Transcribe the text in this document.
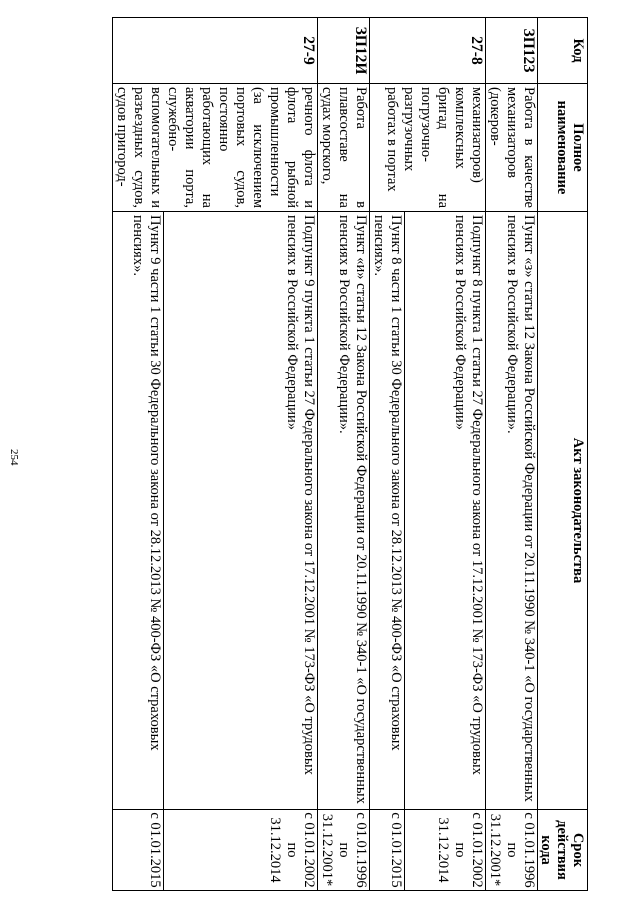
254
Код	Полное наименование	Акт законодательства	Срок действия кода
ЗП12З	Работа в качестве механизаторов (докеров-	Пункт «з» статьи 12 Закона Российской Федерации от 20.11.1990 № 340-1 «О государственных пенсиях в Российской Федерации».	с 01.01.1996 по 31.12.2001*
27-8	механизаторов) комплексных бригад на погрузочно-разгрузочных работах в портах	Подпункт 8 пункта 1 статьи 27 Федерального закона от 17.12.2001 № 173-ФЗ «О трудовых пенсиях в Российской Федерации»	с 01.01.2002 по 31.12.2014
		Пункт 8 части 1 статьи 30 Федерального закона от 28.12.2013 № 400-ФЗ «О страховых пенсиях».	с 01.01.2015
ЗП12И	Работа в плавсоставе на судах морского,	Пункт «и» статьи 12 Закона Российской Федерации от 20.11.1990 № 340-1 «О государственных пенсиях в Российской Федерации».	с 01.01.1996 по 31.12.2001*
27-9	речного флота и флота рыбной промышленности (за исключением портовых судов, постоянно работающих на акватории порта, служебно-вспомогательных и разъездных судов, судов пригород-	Подпункт 9 пункта 1 статьи 27 Федерального закона от 17.12.2001 № 173-ФЗ «О трудовых пенсиях в Российской Федерации»	с 01.01.2002 по 31.12.2014
		Пункт 9 части 1 статьи 30 Федерального закона от 28.12.2013 № 400-ФЗ «О страховых пенсиях».	с 01.01.2015
